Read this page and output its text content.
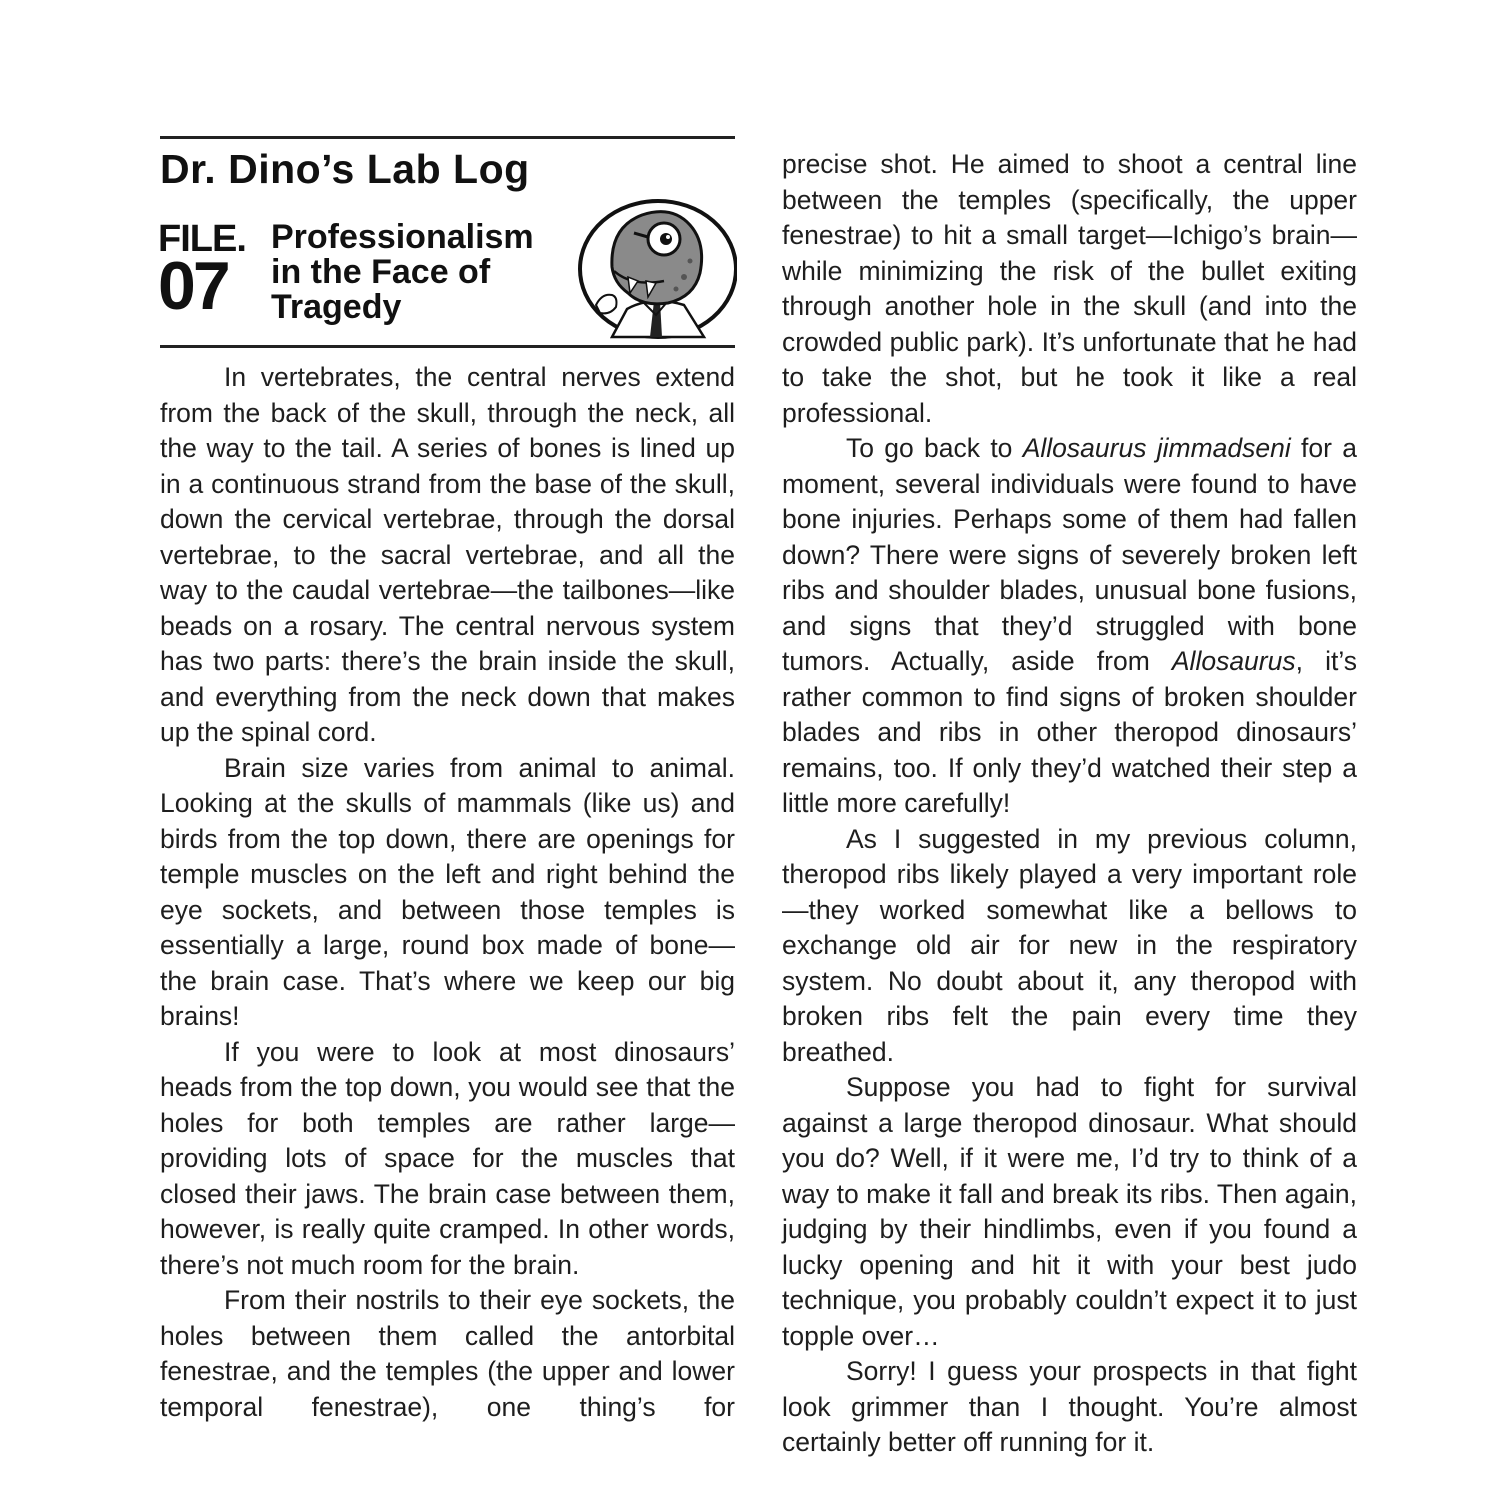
Dr. Dino’s Lab Log
FILE.
07
Professionalism
in the Face of
Tragedy

In vertebrates, the central nerves extend from the back of the skull, through the neck, all the way to the tail. A series of bones is lined up in a continuous strand from the base of the skull, down the cervical vertebrae, through the dorsal vertebrae, to the sacral vertebrae, and all the way to the caudal vertebrae—the tailbones—like beads on a rosary. The central nervous system has two parts: there’s the brain inside the skull, and everything from the neck down that makes up the spinal cord.

Brain size varies from animal to animal. Looking at the skulls of mammals (like us) and birds from the top down, there are openings for temple muscles on the left and right behind the eye sockets, and between those temples is essentially a large, round box made of bone—the brain case. That’s where we keep our big brains!

If you were to look at most dinosaurs’ heads from the top down, you would see that the holes for both temples are rather large—providing lots of space for the muscles that closed their jaws. The brain case between them, however, is really quite cramped. In other words, there’s not much room for the brain.

From their nostrils to their eye sockets, the holes between them called the antorbital fenestrae, and the temples (the upper and lower temporal fenestrae), one thing’s for

precise shot. He aimed to shoot a central line between the temples (specifically, the upper fenestrae) to hit a small target—Ichigo’s brain—while minimizing the risk of the bullet exiting through another hole in the skull (and into the crowded public park). It’s unfortunate that he had to take the shot, but he took it like a real professional.

To go back to Allosaurus jimmadseni for a moment, several individuals were found to have bone injuries. Perhaps some of them had fallen down? There were signs of severely broken left ribs and shoulder blades, unusual bone fusions, and signs that they’d struggled with bone tumors. Actually, aside from Allosaurus, it’s rather common to find signs of broken shoulder blades and ribs in other theropod dinosaurs’ remains, too. If only they’d watched their step a little more carefully!

As I suggested in my previous column, theropod ribs likely played a very important role—they worked somewhat like a bellows to exchange old air for new in the respiratory system. No doubt about it, any theropod with broken ribs felt the pain every time they breathed.

Suppose you had to fight for survival against a large theropod dinosaur. What should you do? Well, if it were me, I’d try to think of a way to make it fall and break its ribs. Then again, judging by their hindlimbs, even if you found a lucky opening and hit it with your best judo technique, you probably couldn’t expect it to just topple over…

Sorry! I guess your prospects in that fight look grimmer than I thought. You’re almost certainly better off running for it.
